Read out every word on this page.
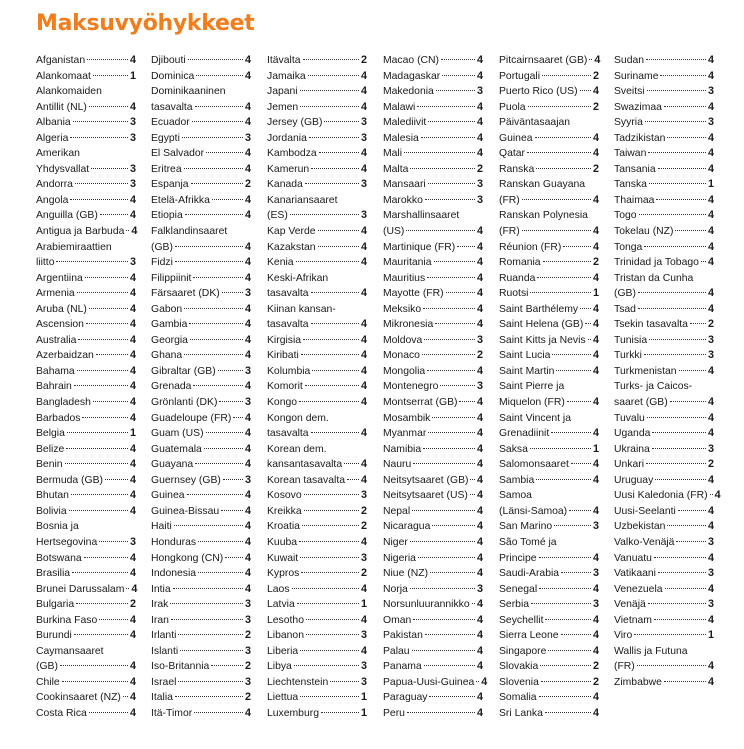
Maksuvyöhykkeet
Afganistan	4
Alankomaat	1
Alankomaiden
Antillit (NL)	4
Albania	3
Algeria	3
Amerikan
Yhdysvallat	3
Andorra	3
Angola	4
Anguilla (GB)	4
Antigua ja Barbuda 4
Arabiemiraattien
liitto	3
Argentiina	4
Armenia	4
Aruba (NL)	4
Ascension	4
Australia	4
Azerbaidzan	4
Bahama	4
Bahrain	4
Bangladesh	4
Barbados	4
Belgia	1
Belize	4
Benin	4
Bermuda (GB)	4
Bhutan	4
Bolivia	4
Bosnia ja
Hertsegovina	3
Botswana	4
Brasilia	4
Brunei Darussalam 4
Bulgaria	2
Burkina Faso	4
Burundi	4
Caymansaaret
(GB)	4
Chile	4
Cookinsaaret (NZ) 4
Costa Rica	4
Djibouti	4
Dominica	4
Dominikaaninen
tasavalta	4
Ecuador	4
Egypti	3
El Salvador	4
Eritrea	4
Espanja	2
Etelä-Afrikka	4
Etiopia	4
Falklandinsaaret
(GB)	4
Fidzi	4
Filippiinit	4
Färsaaret (DK) 3
Gabon	4
Gambia	4
Georgia	4
Ghana	4
Gibraltar (GB)	3
Grenada	4
Grönlanti (DK)	3
Guadeloupe (FR) 4
Guam (US)	4
Guatemala	4
Guayana	4
Guernsey (GB) 3
Guinea	4
Guinea-Bissau 4
Haiti	4
Honduras	4
Hongkong (CN) 4
Indonesia	4
Intia	4
Irak	3
Iran	3
Irlanti	2
Islanti	3
Iso-Britannia	2
Israel	3
Italia	2
Itä-Timor	4
Itävalta	2
Jamaika	4
Japani	4
Jemen	4
Jersey (GB)	3
Jordania	3
Kambodza	4
Kamerun	4
Kanada	3
Kanariansaaret
(ES)	3
Kap Verde	4
Kazakstan	4
Kenia	4
Keski-Afrikan
tasavalta	4
Kiinan kansan-
tasavalta	4
Kirgisia	4
Kiribati	4
Kolumbia	4
Komorit	4
Kongo	4
Kongon dem.
tasavalta	4
Korean dem.
kansantasavalta 4
Korean tasavalta 4
Kosovo	3
Kreikka	2
Kroatia	2
Kuuba	4
Kuwait	3
Kypros	2
Laos	4
Latvia	1
Lesotho	4
Libanon	3
Liberia	4
Libya	3
Liechtenstein	3
Liettua	1
Luxemburg	1
Macao (CN)	4
Madagaskar	4
Makedonia	3
Malawi	4
Malediivit	4
Malesia	4
Mali	4
Malta	2
Mansaari	3
Marokko	3
Marshallinsaaret
(US)	4
Martinique (FR) 4
Mauritania	4
Mauritius	4
Mayotte (FR)	4
Meksiko	4
Mikronesia	4
Moldova	3
Monaco	2
Mongolia	4
Montenegro	3
Montserrat (GB) 4
Mosambik	4
Myanmar	4
Namibia	4
Nauru	4
Neitsytsaaret (GB) 4
Neitsytsaaret (US) 4
Nepal	4
Nicaragua	4
Niger	4
Nigeria	4
Niue (NZ)	4
Norja	3
Norsunluurannikko 4
Oman	4
Pakistan	4
Palau	4
Panama	4
Papua-Uusi-Guinea 4
Paraguay	4
Peru	4
Pitcairnsaaret (GB) 4
Portugali	2
Puerto Rico (US) 4
Puola	2
Päiväntasaajan
Guinea	4
Qatar	4
Ranska	2
Ranskan Guayana
(FR)	4
Ranskan Polynesia
(FR)	4
Réunion (FR)	4
Romania	2
Ruanda	4
Ruotsi	1
Saint Barthélemy 4
Saint Helena (GB) 4
Saint Kitts ja Nevis 4
Saint Lucia	4
Saint Martin	4
Saint Pierre ja
Miquelon (FR)	4
Saint Vincent ja
Grenadiinit	4
Saksa	1
Salomonsaaret 4
Sambia	4
Samoa
(Länsi-Samoa) 4
San Marino	3
São Tomé ja
Principe	4
Saudi-Arabia	3
Senegal	4
Serbia	3
Seychellit	4
Sierra Leone	4
Singapore	4
Slovakia	2
Slovenia	2
Somalia	4
Sri Lanka	4
Sudan	4
Suriname	4
Sveitsi	3
Swazimaa	4
Syyria	3
Tadzikistan	4
Taiwan	4
Tansania	4
Tanska	1
Thaimaa	4
Togo	4
Tokelau (NZ)	4
Tonga	4
Trinidad ja Tobago 4
Tristan da Cunha
(GB)	4
Tsad	4
Tsekin tasavalta 2
Tunisia	3
Turkki	3
Turkmenistan	4
Turks- ja Caicos-
saaret (GB)	4
Tuvalu	4
Uganda	4
Ukraina	3
Unkari	2
Uruguay	4
Uusi Kaledonia (FR) 4
Uusi-Seelanti	4
Uzbekistan	4
Valko-Venäjä	3
Vanuatu	4
Vatikaani	3
Venezuela	4
Venäjä	3
Vietnam	4
Viro	1
Wallis ja Futuna
(FR)	4
Zimbabwe	4
